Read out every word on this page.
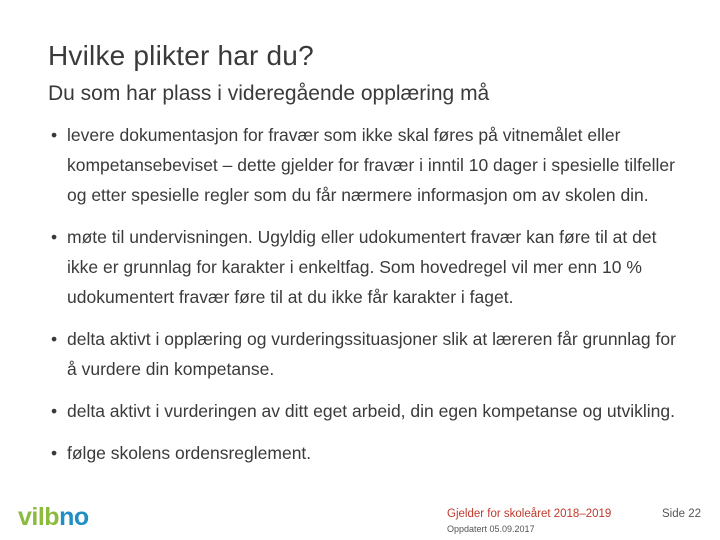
Hvilke plikter har du?
Du som har plass i videregående opplæring må
• levere dokumentasjon for fravær som ikke skal føres på vitnemålet eller kompetansebeviset – dette gjelder for fravær i inntil 10 dager i spesielle tilfeller og etter spesielle regler som du får nærmere informasjon om av skolen din.
• møte til undervisningen. Ugyldig eller udokumentert fravær kan føre til at det ikke er grunnlag for karakter i enkeltfag. Som hovedregel vil mer enn 10 % udokumentert fravær føre til at du ikke får karakter i faget.
• delta aktivt i opplæring og vurderingssituasjoner slik at læreren får grunnlag for å vurdere din kompetanse.
• delta aktivt i vurderingen av ditt eget arbeid, din egen kompetanse og utvikling.
• følge skolens ordensreglement.
vilbno	Gjelder for skoleåret 2018–2019
Oppdatert 05.09.2017
Side 22
